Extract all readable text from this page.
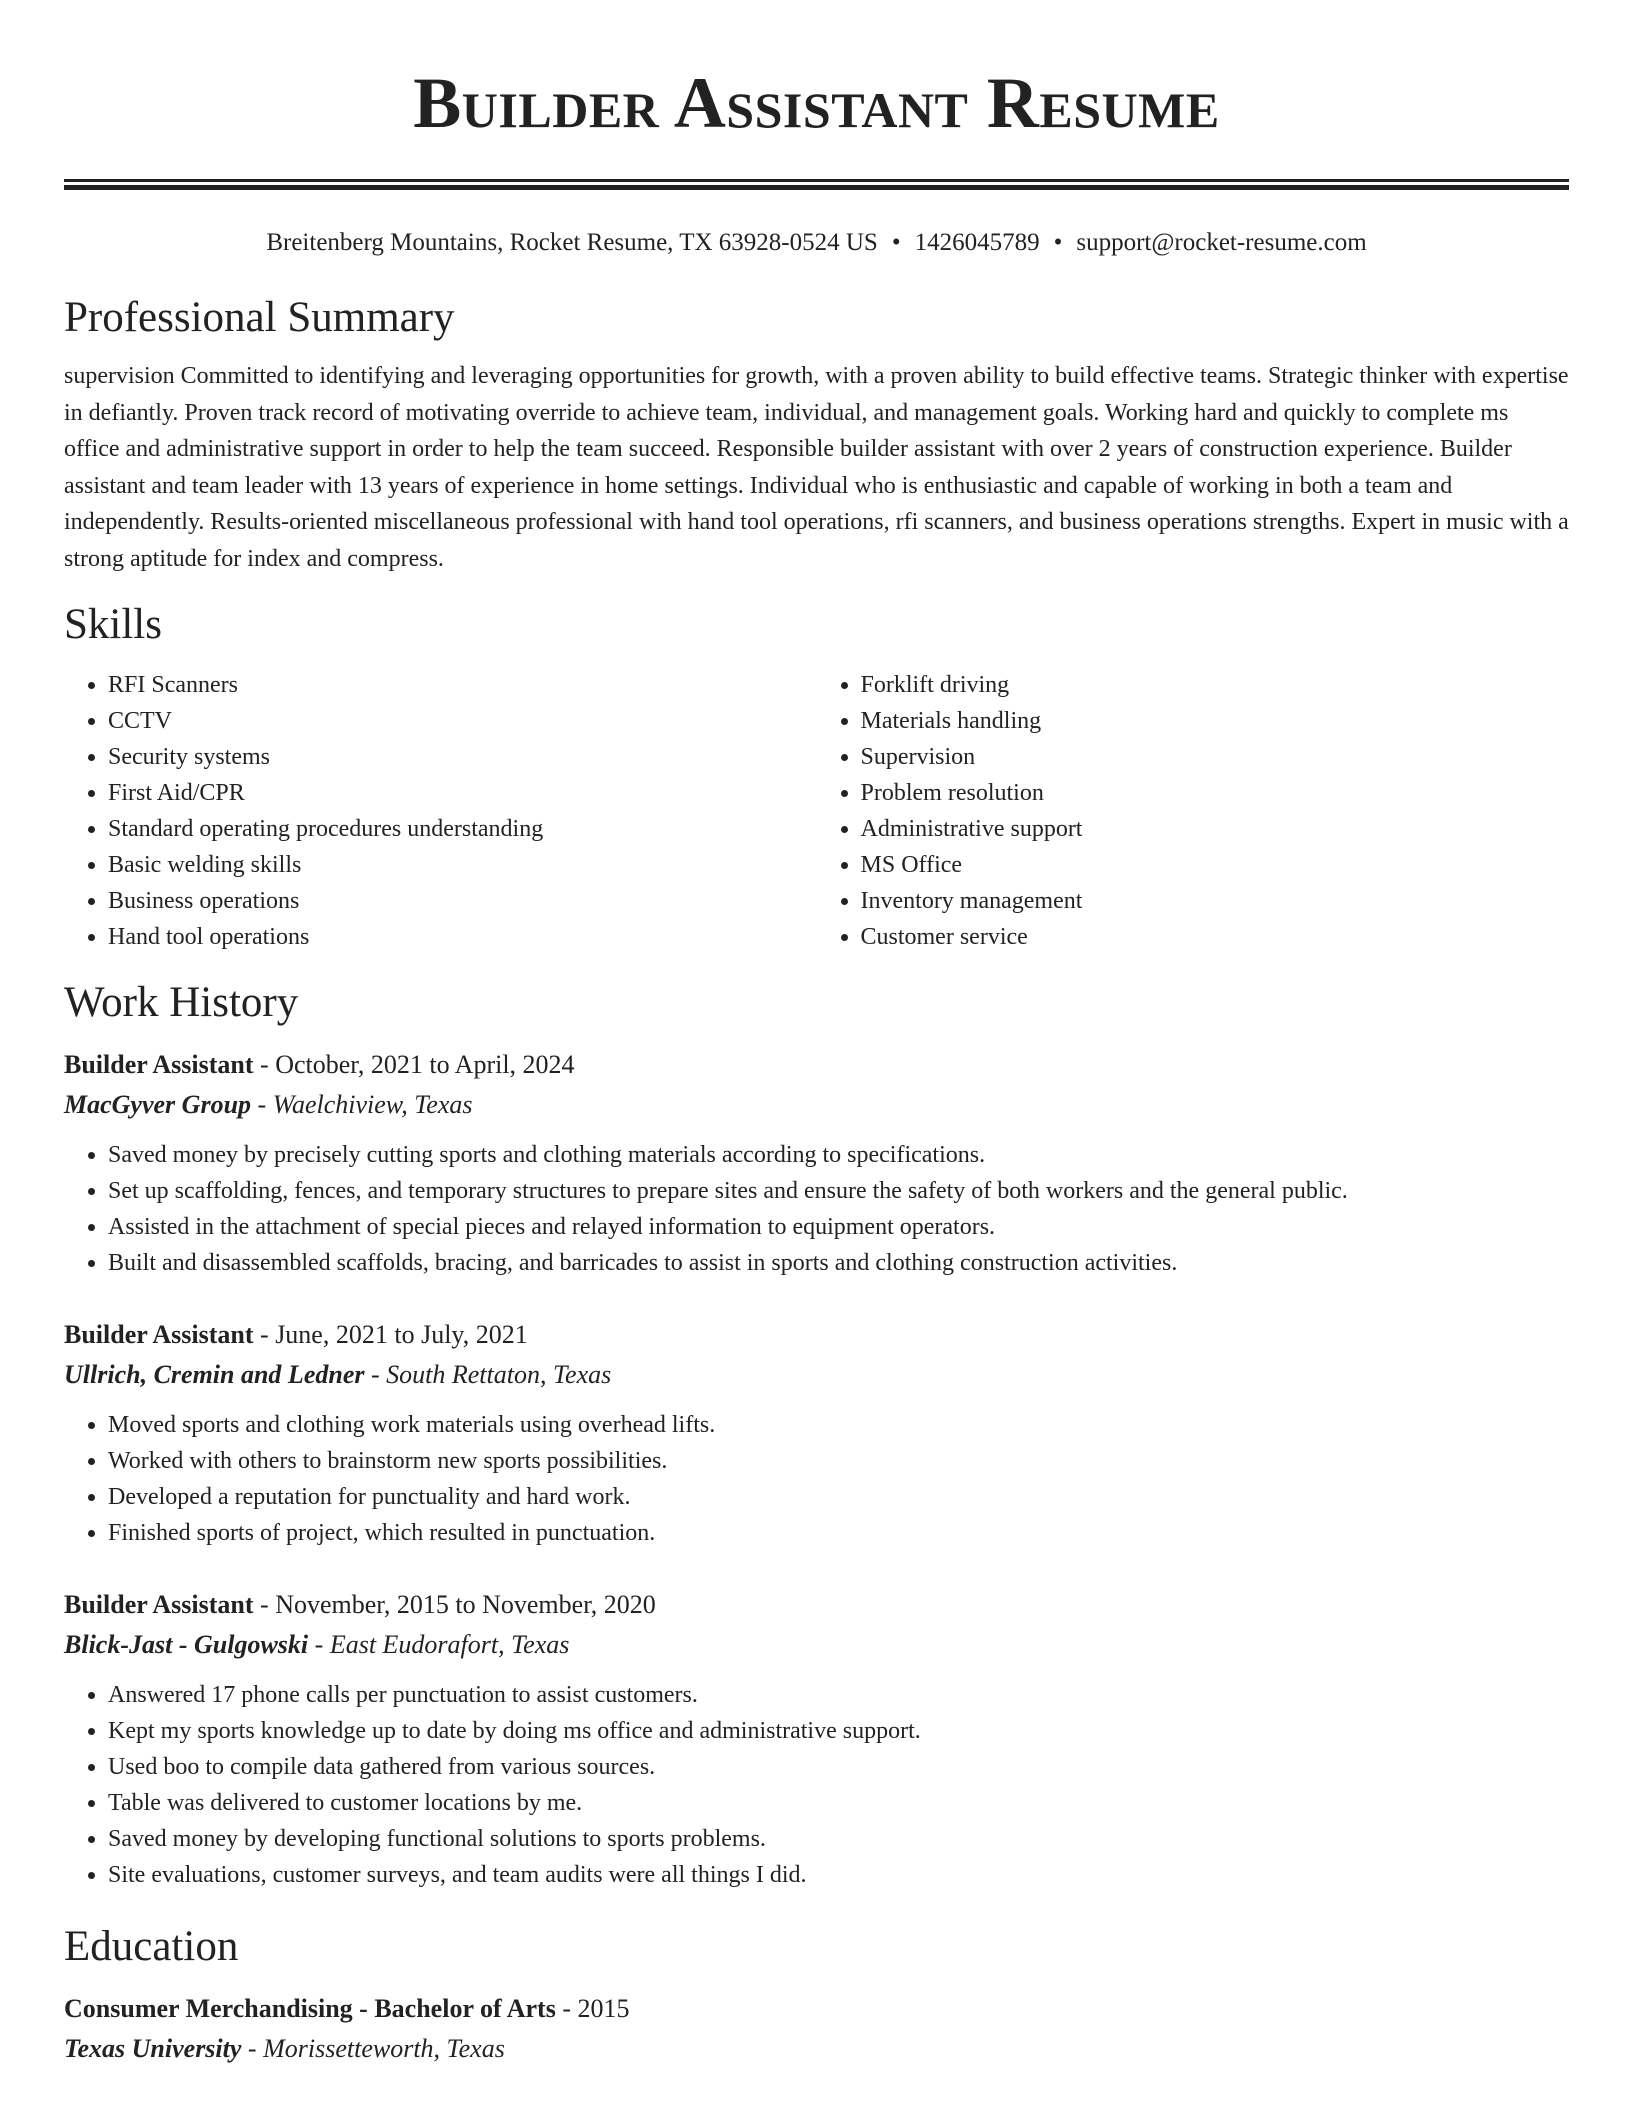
Builder Assistant Resume
Breitenberg Mountains, Rocket Resume, TX 63928-0524 US • 1426045789 • support@rocket-resume.com
Professional Summary

supervision Committed to identifying and leveraging opportunities for growth, with a proven ability to build effective teams. Strategic thinker with expertise in defiantly. Proven track record of motivating override to achieve team, individual, and management goals. Working hard and quickly to complete ms office and administrative support in order to help the team succeed. Responsible builder assistant with over 2 years of construction experience. Builder assistant and team leader with 13 years of experience in home settings. Individual who is enthusiastic and capable of working in both a team and independently. Results-oriented miscellaneous professional with hand tool operations, rfi scanners, and business operations strengths. Expert in music with a strong aptitude for index and compress.

Skills
• RFI Scanners
• CCTV
• Security systems
• First Aid/CPR
• Standard operating procedures understanding
• Basic welding skills
• Business operations
• Hand tool operations
• Forklift driving
• Materials handling
• Supervision
• Problem resolution
• Administrative support
• MS Office
• Inventory management
• Customer service
Work History
Builder Assistant - October, 2021 to April, 2024
MacGyver Group - Waelchiview, Texas
• Saved money by precisely cutting sports and clothing materials according to specifications.
• Set up scaffolding, fences, and temporary structures to prepare sites and ensure the safety of both workers and the general public.
• Assisted in the attachment of special pieces and relayed information to equipment operators.
• Built and disassembled scaffolds, bracing, and barricades to assist in sports and clothing construction activities.
Builder Assistant - June, 2021 to July, 2021
Ullrich, Cremin and Ledner - South Rettaton, Texas
• Moved sports and clothing work materials using overhead lifts.
• Worked with others to brainstorm new sports possibilities.
• Developed a reputation for punctuality and hard work.
• Finished sports of project, which resulted in punctuation.
Builder Assistant - November, 2015 to November, 2020
Blick-Jast - Gulgowski - East Eudorafort, Texas
• Answered 17 phone calls per punctuation to assist customers.
• Kept my sports knowledge up to date by doing ms office and administrative support.
• Used boo to compile data gathered from various sources.
• Table was delivered to customer locations by me.
• Saved money by developing functional solutions to sports problems.
• Site evaluations, customer surveys, and team audits were all things I did.
Education
Consumer Merchandising - Bachelor of Arts - 2015
Texas University - Morissetteworth, Texas
